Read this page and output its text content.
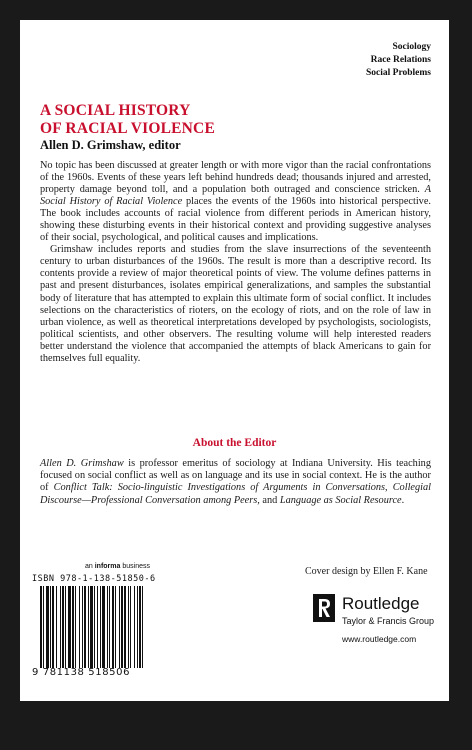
Sociology
Race Relations
Social Problems
A SOCIAL HISTORY
OF RACIAL VIOLENCE
Allen D. Grimshaw, editor

No topic has been discussed at greater length or with more vigor than the racial confrontations of the 1960s. Events of these years left behind hundreds dead; thousands injured and arrested, property damage beyond toll, and a population both outraged and conscience stricken. A Social History of Racial Violence places the events of the 1960s into historical perspective. The book includes accounts of racial violence from different periods in American history, showing these disturbing events in their historical context and providing suggestive analyses of their social, psychological, and political causes and implications.

Grimshaw includes reports and studies from the slave insurrections of the seventeenth century to urban disturbances of the 1960s. The result is more than a descriptive record. Its contents provide a review of major theoretical points of view. The volume defines patterns in past and present disturbances, isolates empirical generalizations, and samples the substantial body of literature that has attempted to explain this ultimate form of social conflict. It includes selections on the characteristics of rioters, on the ecology of riots, and on the role of law in urban violence, as well as theoretical interpretations developed by psychologists, sociologists, political scientists, and other observers. The resulting volume will help interested readers better understand the violence that accompanied the attempts of black Americans to gain for themselves full equality.

About the Editor
Allen D. Grimshaw is professor emeritus of sociology at Indiana University. His teaching focused on social conflict as well as on language and its use in social context. He is the author of Conflict Talk: Socio-linguistic Investigations of Arguments in Conversations, Collegial Discourse—Professional Conversation among Peers, and Language as Social Resource.
an informa business
ISBN 978-1-138-51850-6
9 781138 518506
Cover design by Ellen F. Kane
Routledge
Taylor & Francis Group
www.routledge.com
